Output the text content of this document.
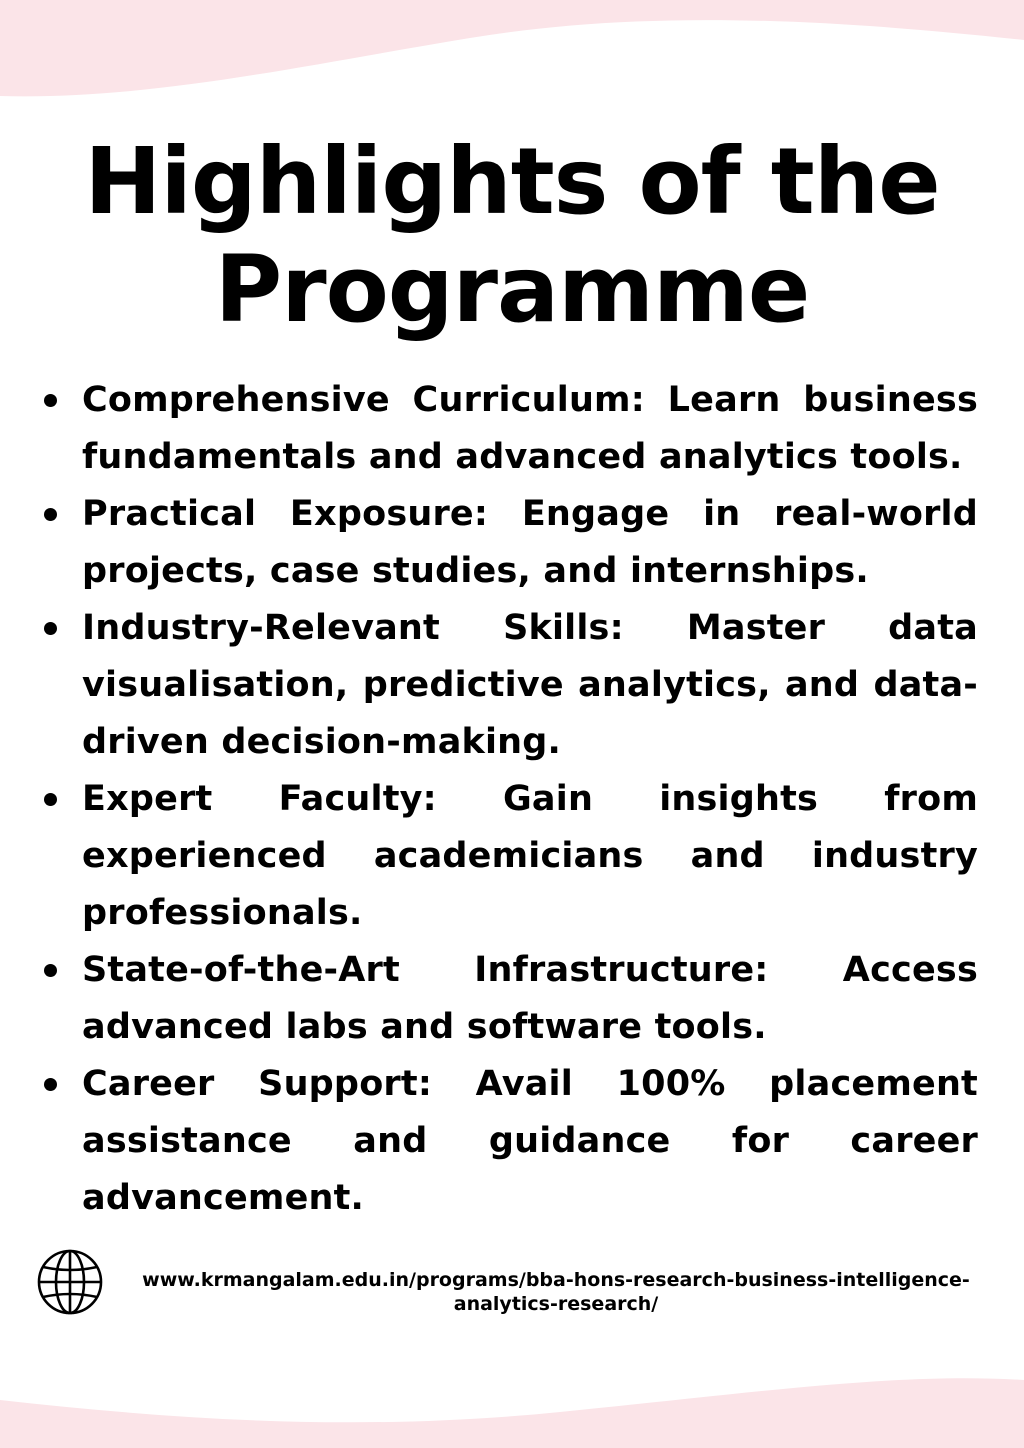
Highlights of the
Programme
Comprehensive Curriculum: Learn business fundamentals and advanced analytics tools.
Practical Exposure: Engage in real-world projects, case studies, and internships.
Industry-Relevant Skills: Master data visualisation, predictive analytics, and data-driven decision-making.
Expert Faculty: Gain insights from experienced academicians and industry professionals.
State-of-the-Art Infrastructure: Access advanced labs and software tools.
Career Support: Avail 100% placement assistance and guidance for career advancement.
www.krmangalam.edu.in/programs/bba-hons-research-business-intelligence-
analytics-research/
